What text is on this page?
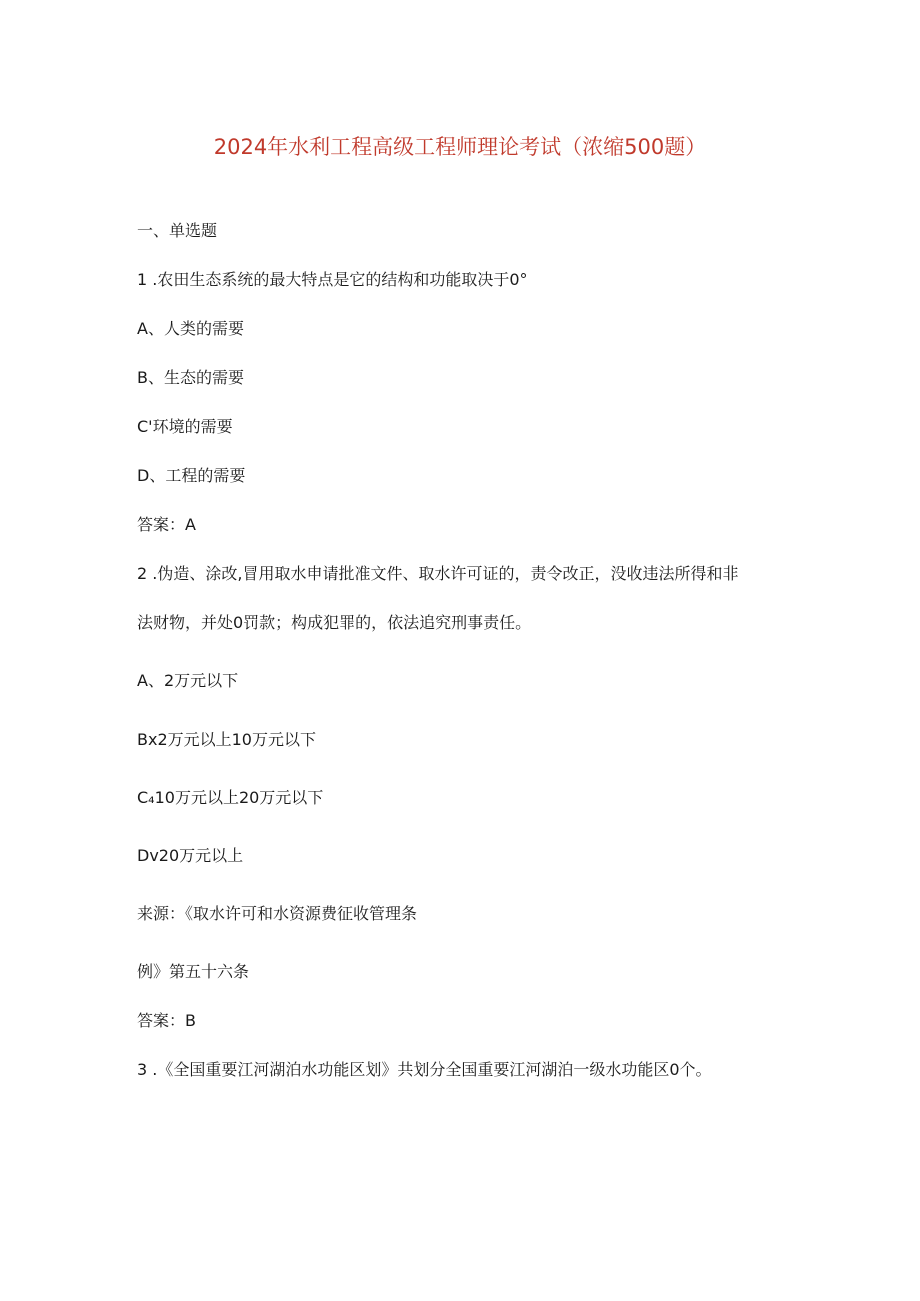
2024年水利工程高级工程师理论考试（浓缩500题）
一、单选题
1 .农田生态系统的最大特点是它的结构和功能取决于0°
A、人类的需要
B、生态的需要
C'环境的需要
D、工程的需要
答案：A
2 .伪造、涂改,冒用取水申请批准文件、取水许可证的，责令改正，没收违法所得和非
法财物，并处0罚款；构成犯罪的，依法追究刑事责任。
A、2万元以下
Bx2万元以上10万元以下
C₄10万元以上20万元以下
Dv20万元以上
来源：《取水许可和水资源费征收管理条
例》第五十六条
答案：B
3 .《全国重要江河湖泊水功能区划》共划分全国重要江河湖泊一级水功能区0个。
